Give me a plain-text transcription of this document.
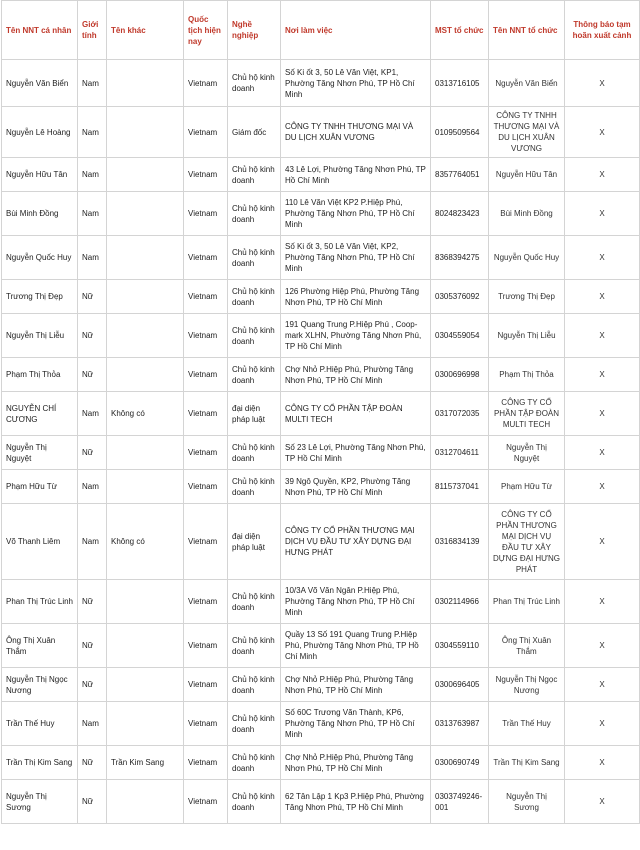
Tên NNT cá nhân	Giới tính	Tên khác	Quốc tịch hiện nay	Nghề nghiệp	Nơi làm việc	MST tổ chức	Tên NNT tổ chức	Thông báo tạm hoãn xuất cảnh
Nguyễn Văn Biển	Nam		Vietnam	Chủ hộ kinh doanh	Số Ki ốt 3, 50 Lê Văn Việt, KP1, Phường Tăng Nhơn Phú, TP Hồ Chí Minh	0313716105	Nguyễn Văn Biển	X
Nguyễn Lê Hoàng	Nam		Vietnam	Giám đốc	CÔNG TY TNHH THƯƠNG MẠI VÀ DU LỊCH XUÂN VƯƠNG	0109509564	CÔNG TY TNHH THƯƠNG MẠI VÀ DU LỊCH XUÂN VƯƠNG	X
Nguyễn Hữu Tân	Nam		Vietnam	Chủ hộ kinh doanh	43 Lê Lợi, Phường Tăng Nhơn Phú, TP Hồ Chí Minh	8357764051	Nguyễn Hữu Tân	X
Bùi Minh Đồng	Nam		Vietnam	Chủ hộ kinh doanh	110 Lê Văn Việt KP2 P.Hiệp Phú, Phường Tăng Nhơn Phú, TP Hồ Chí Minh	8024823423	Bùi Minh Đồng	X
Nguyễn Quốc Huy	Nam		Vietnam	Chủ hộ kinh doanh	Số Ki ốt 3, 50 Lê Văn Việt, KP2, Phường Tăng Nhơn Phú, TP Hồ Chí Minh	8368394275	Nguyễn Quốc Huy	X
Trương Thị Đẹp	Nữ		Vietnam	Chủ hộ kinh doanh	126 Phường Hiệp Phú, Phường Tăng Nhơn Phú, TP Hồ Chí Minh	0305376092	Trương Thị Đẹp	X
Nguyễn Thị Liễu	Nữ		Vietnam	Chủ hộ kinh doanh	191 Quang Trung P.Hiệp Phú , Coop-mark XLHN, Phường Tăng Nhơn Phú, TP Hồ Chí Minh	0304559054	Nguyễn Thị Liễu	X
Phạm Thị Thỏa	Nữ		Vietnam	Chủ hộ kinh doanh	Chợ Nhỏ P.Hiệp Phú, Phường Tăng Nhơn Phú, TP Hồ Chí Minh	0300696998	Phạm Thị Thỏa	X
NGUYỄN CHÍ CƯƠNG	Nam	Không có	Vietnam	đại diện pháp luật	CÔNG TY CỔ PHẦN TẬP ĐOÀN MULTI TECH	0317072035	CÔNG TY CỔ PHẦN TẬP ĐOÀN MULTI TECH	X
Nguyễn Thị Nguyệt	Nữ		Vietnam	Chủ hộ kinh doanh	Số 23 Lê Lợi, Phường Tăng Nhơn Phú, TP Hồ Chí Minh	0312704611	Nguyễn Thị Nguyệt	X
Phạm Hữu Từ	Nam		Vietnam	Chủ hộ kinh doanh	39 Ngô Quyền, KP2, Phường Tăng Nhơn Phú, TP Hồ Chí Minh	8115737041	Phạm Hữu Từ	X
Võ Thanh Liêm	Nam	Không có	Vietnam	đại diện pháp luật	CÔNG TY CỔ PHẦN THƯƠNG MẠI DỊCH VỤ ĐẦU TƯ XÂY DỰNG ĐẠI HƯNG PHÁT	0316834139	CÔNG TY CỔ PHẦN THƯƠNG MẠI DỊCH VỤ ĐẦU TƯ XÂY DỰNG ĐẠI HƯNG PHÁT	X
Phan Thị Trúc Linh	Nữ		Vietnam	Chủ hộ kinh doanh	10/3A Võ Văn Ngân P.Hiệp Phú, Phường Tăng Nhơn Phú, TP Hồ Chí Minh	0302114966	Phan Thị Trúc Linh	X
Ông Thị Xuân Thắm	Nữ		Vietnam	Chủ hộ kinh doanh	Quầy 13 Số 191 Quang Trung P.Hiệp Phú, Phường Tăng Nhơn Phú, TP Hồ Chí Minh	0304559110	Ông Thị Xuân Thắm	X
Nguyễn Thị Ngọc Nương	Nữ		Vietnam	Chủ hộ kinh doanh	Chợ Nhỏ P.Hiệp Phú, Phường Tăng Nhơn Phú, TP Hồ Chí Minh	0300696405	Nguyễn Thị Ngọc Nương	X
Trần Thế Huy	Nam		Vietnam	Chủ hộ kinh doanh	Số 60C Trương Văn Thành, KP6, Phường Tăng Nhơn Phú, TP Hồ Chí Minh	0313763987	Trần Thế Huy	X
Trần Thị Kim Sang	Nữ	Trần Kim Sang	Vietnam	Chủ hộ kinh doanh	Chợ Nhỏ P.Hiệp Phú, Phường Tăng Nhơn Phú, TP Hồ Chí Minh	0300690749	Trần Thị Kim Sang	X
Nguyễn Thị Sương	Nữ		Vietnam	Chủ hộ kinh doanh	62 Tân Lập 1 Kp3 P.Hiệp Phú, Phường Tăng Nhơn Phú, TP Hồ Chí Minh	0303749246-001	Nguyễn Thị Sương	X
